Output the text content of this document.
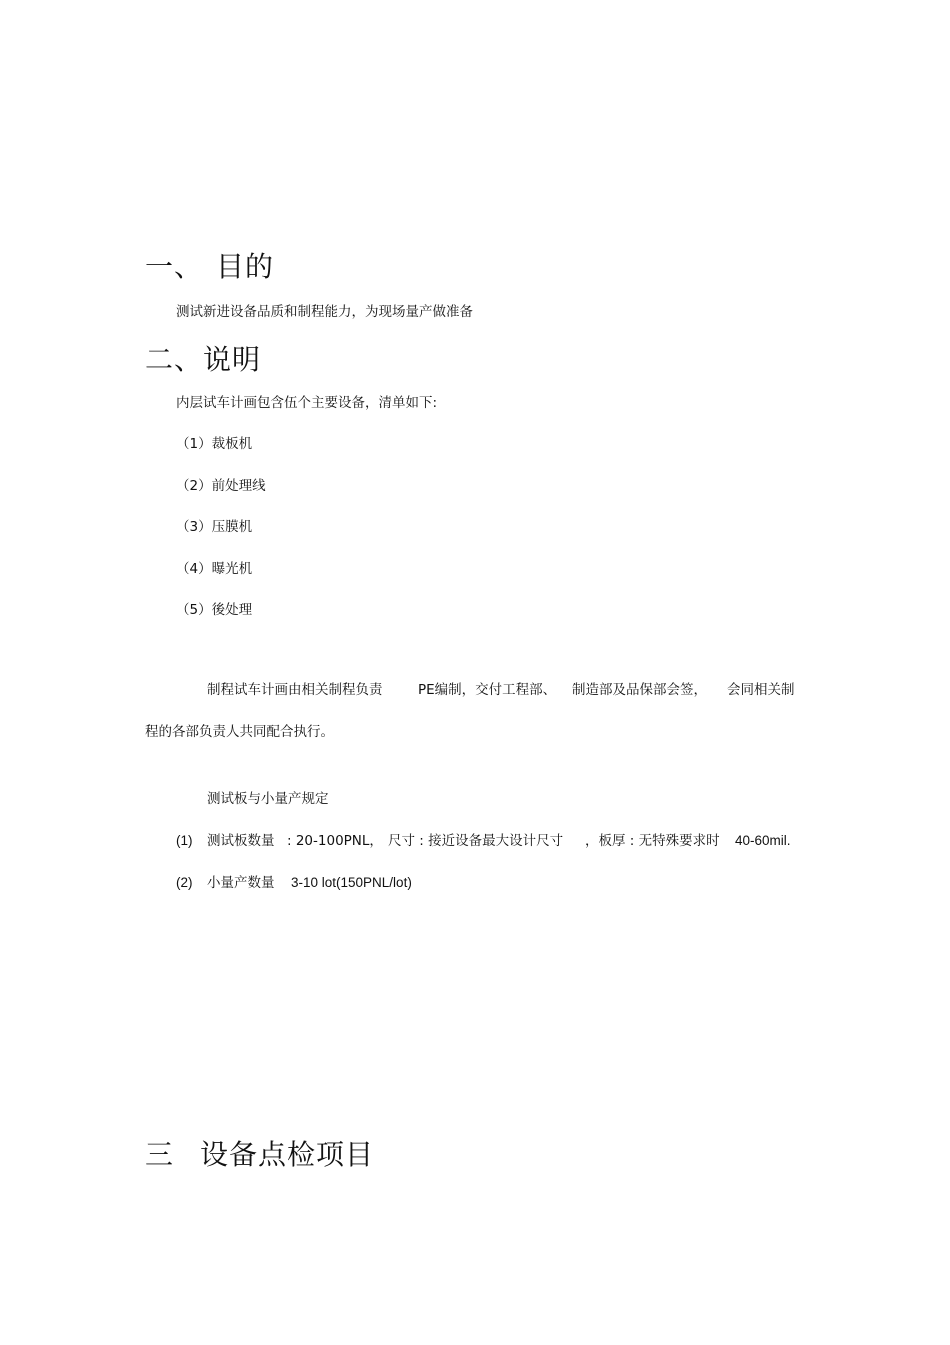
一、 目的
测试新进设备品质和制程能力，为现场量产做准备
二、说明
内层试车计画包含伍个主要设备，清单如下:
（1）裁板机
（2）前处理线
（3）压膜机
（4）曝光机
（5）後处理
制程试车计画由相关制程负责	PE编制，交付工程部、 制造部及品保部会签， 会同相关制
程的各部负责人共同配合执行。
测试板与小量产规定
(1) 测试板数量 : 20-100PNL， 尺寸 : 接近设备最大设计尺寸 ，板厚 : 无特殊要求时 40-60mil.
(2) 小量产数量 3-10 lot(150PNL/lot)
三 设备点检项目
